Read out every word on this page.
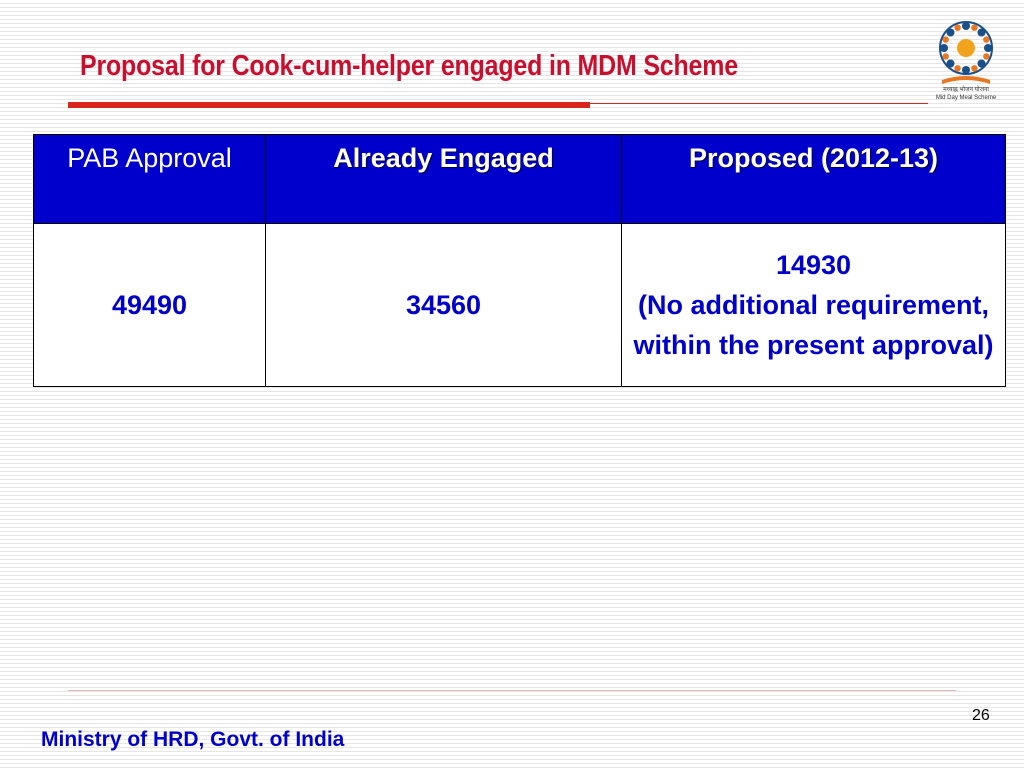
Proposal for Cook-cum-helper engaged in MDM Scheme
मध्याह्न भोजन योजना
Mid Day Meal Scheme
PAB Approval	Already Engaged	Proposed (2012-13)
49490	34560	14930
(No additional requirement, within the present approval)
26
Ministry of HRD, Govt. of India
